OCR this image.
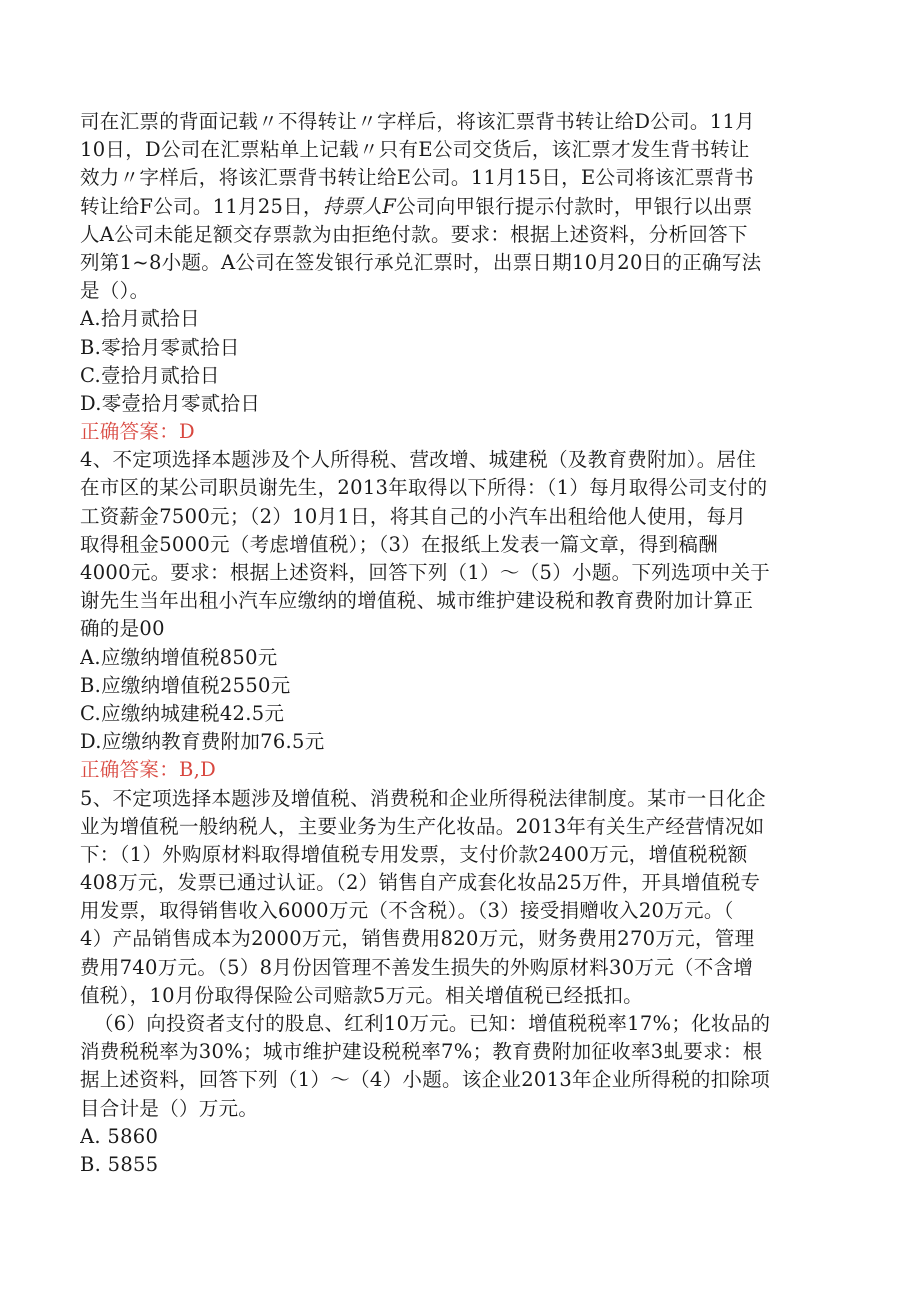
司在汇票的背面记载〃不得转让〃字样后，将该汇票背书转让给D公司。11月
10日，D公司在汇票粘单上记载〃只有E公司交货后，该汇票才发生背书转让
效力〃字样后，将该汇票背书转让给E公司。11月15日，E公司将该汇票背书
转让给F公司。11月25日，持票人F公司向甲银行提示付款时，甲银行以出票
人A公司未能足额交存票款为由拒绝付款。要求：根据上述资料，分析回答下
列第1~8小题。A公司在签发银行承兑汇票时，出票日期10月20日的正确写法
是（）。
A.拾月贰拾日
B.零拾月零贰拾日
C.壹拾月贰拾日
D.零壹拾月零贰拾日
正确答案：D
4、不定项选择本题涉及个人所得税、营改增、城建税（及教育费附加）。居住
在市区的某公司职员谢先生，2013年取得以下所得：（1）每月取得公司支付的
工资薪金7500元；（2）10月1日，将其自己的小汽车出租给他人使用，每月
取得租金5000元（考虑增值税）；（3）在报纸上发表一篇文章，得到稿酬
4000元。要求：根据上述资料，回答下列（1）～（5）小题。下列选项中关于
谢先生当年出租小汽车应缴纳的增值税、城市维护建设税和教育费附加计算正
确的是00
A.应缴纳增值税850元
B.应缴纳增值税2550元
C.应缴纳城建税42.5元
D.应缴纳教育费附加76.5元
正确答案：B,D
5、不定项选择本题涉及增值税、消费税和企业所得税法律制度。某市一日化企
业为增值税一般纳税人，主要业务为生产化妆品。2013年有关生产经营情况如
下：（1）外购原材料取得增值税专用发票，支付价款2400万元，增值税税额
408万元，发票已通过认证。（2）销售自产成套化妆品25万件，开具增值税专
用发票，取得销售收入6000万元（不含税）。（3）接受捐赠收入20万元。（
4）产品销售成本为2000万元，销售费用820万元，财务费用270万元，管理
费用740万元。（5）8月份因管理不善发生损失的外购原材料30万元（不含增
值税），10月份取得保险公司赔款5万元。相关增值税已经抵扣。
（6）向投资者支付的股息、红利10万元。已知：增值税税率17%；化妆品的
消费税税率为30%；城市维护建设税税率7%；教育费附加征收率3虬要求：根
据上述资料，回答下列（1）～（4）小题。该企业2013年企业所得税的扣除项
目合计是（）万元。
A. 5860
B. 5855
